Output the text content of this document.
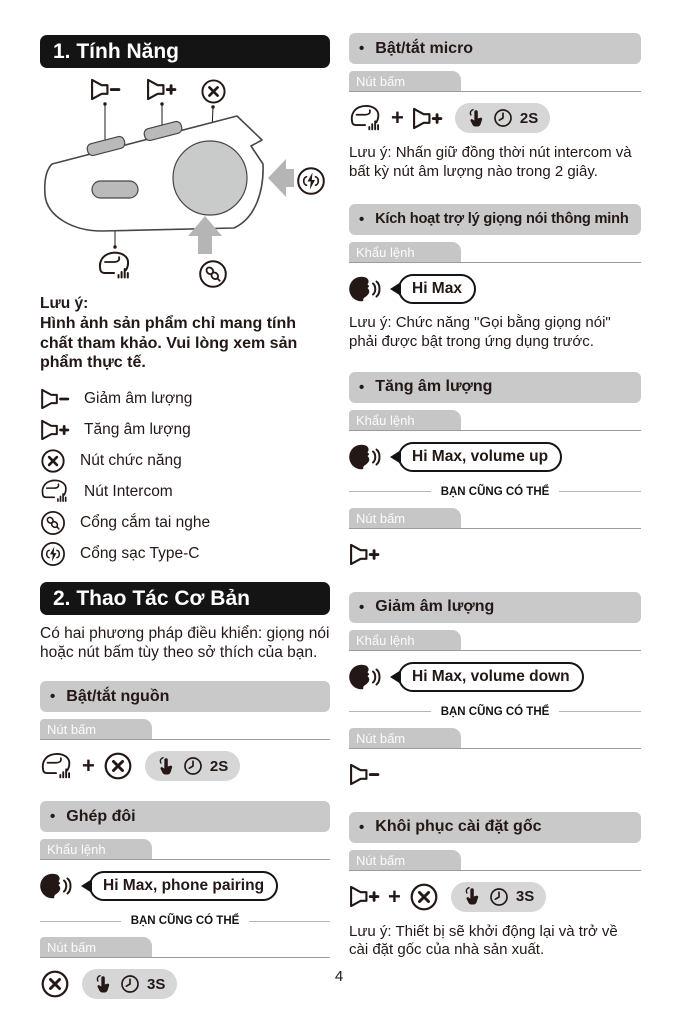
1. Tính Năng
Lưu ý:
Hình ảnh sản phẩm chỉ mang tính chất tham khảo. Vui lòng xem sản phẩm thực tế.
Giảm âm lượng
Tăng âm lượng
Nút chức năng
Nút Intercom
Cổng cắm tai nghe
Cổng sạc Type-C
2. Thao Tác Cơ Bản
Có hai phương pháp điều khiển: giọng nói hoặc nút bấm tùy theo sở thích của bạn.
• Bật/tắt nguồn
Nút bấm
+	2S
• Ghép đôi
Khẩu lệnh
Hi Max, phone pairing
BẠN CŨNG CÓ THỂ
Nút bấm
3S
• Bật/tắt micro
Nút bấm
+	2S
Lưu ý: Nhấn giữ đồng thời nút intercom và bất kỳ nút âm lượng nào trong 2 giây.
• Kích hoạt trợ lý giọng nói thông minh
Khẩu lệnh
Hi Max
Lưu ý: Chức năng "Gọi bằng giọng nói" phải được bật trong ứng dụng trước.
• Tăng âm lượng
Khẩu lệnh
Hi Max, volume up
BẠN CŨNG CÓ THỂ
Nút bấm
• Giảm âm lượng
Khẩu lệnh
Hi Max, volume down
BẠN CŨNG CÓ THỂ
Nút bấm
• Khôi phục cài đặt gốc
Nút bấm
+	3S
Lưu ý: Thiết bị sẽ khởi động lại và trở về cài đặt gốc của nhà sản xuất.
4
